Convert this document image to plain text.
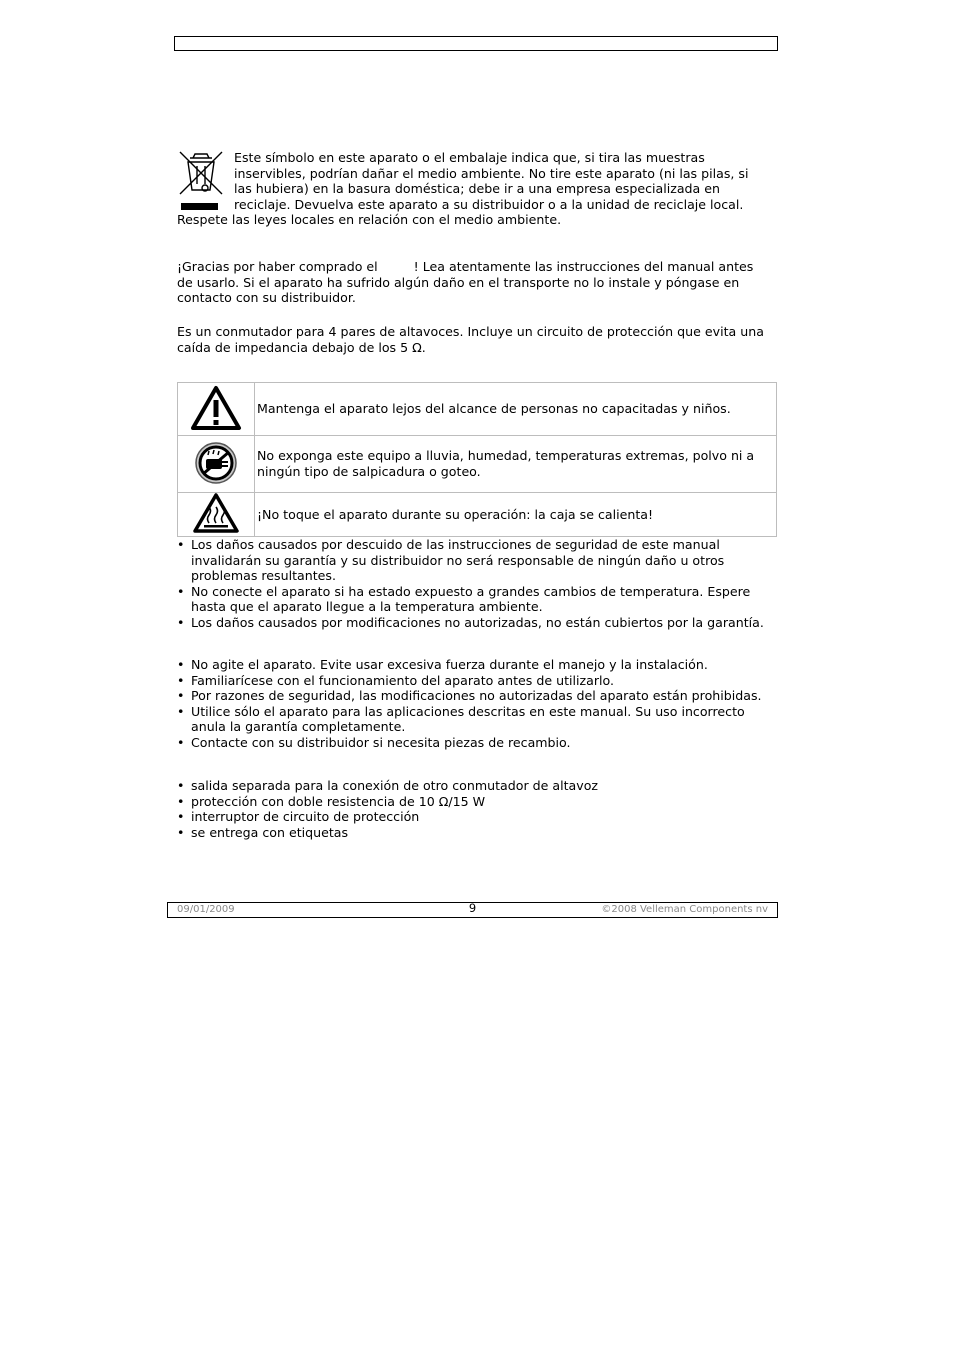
Este símbolo en este aparato o el embalaje indica que, si tira las muestras
inservibles, podrían dañar el medio ambiente. No tire este aparato (ni las pilas, si
las hubiera) en la basura doméstica; debe ir a una empresa especializada en
reciclaje. Devuelva este aparato a su distribuidor o a la unidad de reciclaje local.
Respete las leyes locales en relación con el medio ambiente.
¡Gracias por haber comprado el         ! Lea atentamente las instrucciones del manual antes
de usarlo. Si el aparato ha sufrido algún daño en el transporte no lo instale y póngase en
contacto con su distribuidor.
Es un conmutador para 4 pares de altavoces. Incluye un circuito de protección que evita una
caída de impedancia debajo de los 5 Ω.

Mantenga el aparato lejos del alcance de personas no capacitadas y niños.

No exponga este equipo a lluvia, humedad, temperaturas extremas, polvo ni a
ningún tipo de salpicadura o goteo.

¡No toque el aparato durante su operación: la caja se calienta!
• Los daños causados por descuido de las instrucciones de seguridad de este manual
invalidarán su garantía y su distribuidor no será responsable de ningún daño u otros
problemas resultantes.
• No conecte el aparato si ha estado expuesto a grandes cambios de temperatura. Espere
hasta que el aparato llegue a la temperatura ambiente.
• Los daños causados por modificaciones no autorizadas, no están cubiertos por la garantía.
• No agite el aparato. Evite usar excesiva fuerza durante el manejo y la instalación.
• Familiarícese con el funcionamiento del aparato antes de utilizarlo.
• Por razones de seguridad, las modificaciones no autorizadas del aparato están prohibidas.
• Utilice sólo el aparato para las aplicaciones descritas en este manual. Su uso incorrecto
anula la garantía completamente.
• Contacte con su distribuidor si necesita piezas de recambio.
• salida separada para la conexión de otro conmutador de altavoz
• protección con doble resistencia de 10 Ω/15 W
• interruptor de circuito de protección
• se entrega con etiquetas
09/01/2009	9	©2008 Velleman Components nv
